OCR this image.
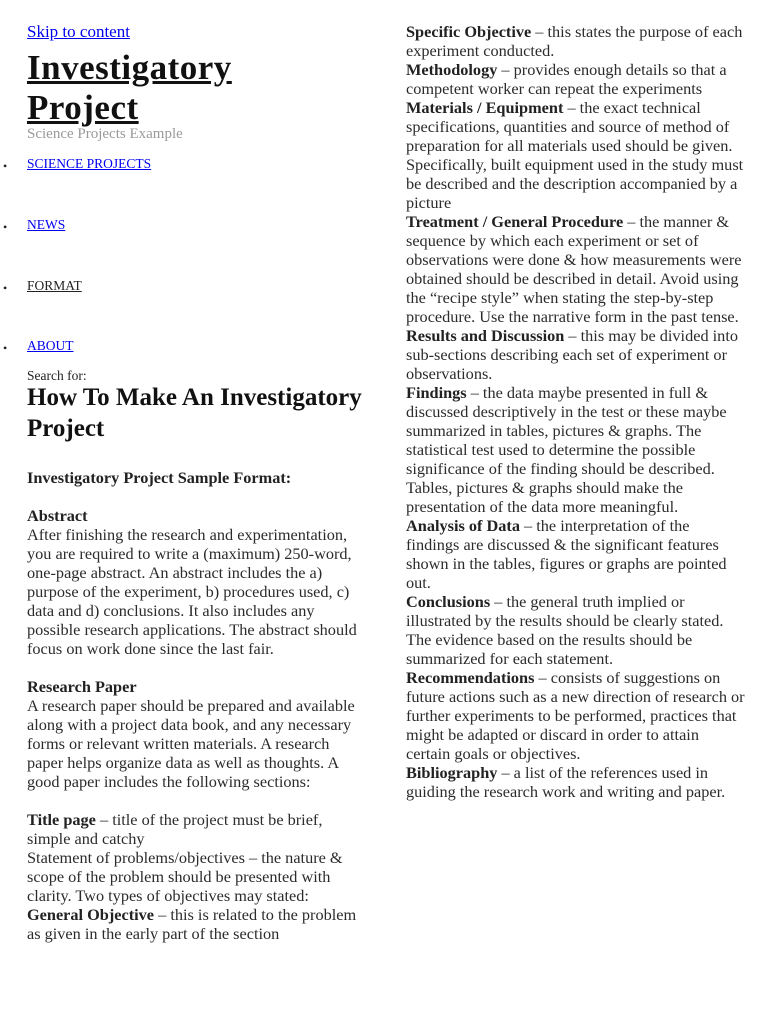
Skip to content
Investigatory
Project
Science Projects Example
• SCIENCE PROJECTS
• NEWS
• FORMAT
• ABOUT
Search for:
How To Make An Investigatory Project

Investigatory Project Sample Format:

Abstract

After finishing the research and experimentation, you are required to write a (maximum) 250-word, one-page abstract. An abstract includes the a) purpose of the experiment, b) procedures used, c) data and d) conclusions. It also includes any possible research applications. The abstract should focus on work done since the last fair.

Research Paper

A research paper should be prepared and available along with a project data book, and any necessary forms or relevant written materials. A research paper helps organize data as well as thoughts. A good paper includes the following sections:

Title page – title of the project must be brief, simple and catchy

Statement of problems/objectives – the nature & scope of the problem should be presented with clarity. Two types of objectives may stated:

General Objective – this is related to the problem as given in the early part of the section

Specific Objective – this states the purpose of each experiment conducted.

Methodology – provides enough details so that a competent worker can repeat the experiments

Materials / Equipment – the exact technical specifications, quantities and source of method of preparation for all materials used should be given.

Specifically, built equipment used in the study must be described and the description accompanied by a picture

Treatment / General Procedure – the manner & sequence by which each experiment or set of observations were done & how measurements were obtained should be described in detail. Avoid using the “recipe style” when stating the step-by-step procedure. Use the narrative form in the past tense.

Results and Discussion – this may be divided into sub-sections describing each set of experiment or observations.

Findings – the data maybe presented in full & discussed descriptively in the test or these maybe summarized in tables, pictures & graphs. The statistical test used to determine the possible significance of the finding should be described. Tables, pictures & graphs should make the presentation of the data more meaningful.

Analysis of Data – the interpretation of the findings are discussed & the significant features shown in the tables, figures or graphs are pointed out.

Conclusions – the general truth implied or illustrated by the results should be clearly stated. The evidence based on the results should be summarized for each statement.

Recommendations – consists of suggestions on future actions such as a new direction of research or further experiments to be performed, practices that might be adapted or discard in order to attain certain goals or objectives.

Bibliography – a list of the references used in guiding the research work and writing and paper.
